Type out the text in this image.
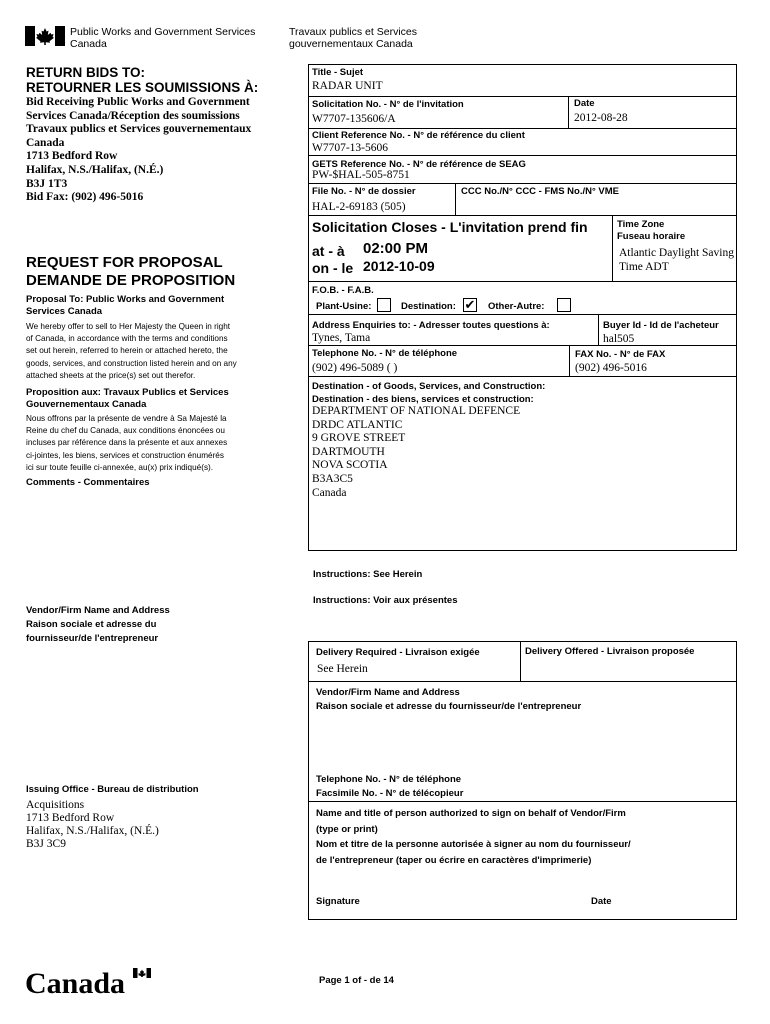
Public Works and Government Services
Canada
Travaux publics et Services
gouvernementaux Canada
RETURN BIDS TO:
RETOURNER LES SOUMISSIONS À:
Bid Receiving Public Works and Government
Services Canada/Réception des soumissions
Travaux publics et Services gouvernementaux
Canada
1713 Bedford Row
Halifax, N.S./Halifax, (N.É.)
B3J 1T3
Bid Fax: (902) 496-5016
REQUEST FOR PROPOSAL
DEMANDE DE PROPOSITION
Proposal To: Public Works and Government
Services Canada
We hereby offer to sell to Her Majesty the Queen in right
of Canada, in accordance with the terms and conditions
set out herein, referred to herein or attached hereto, the
goods, services, and construction listed herein and on any
attached sheets at the price(s) set out therefor.
Proposition aux: Travaux Publics et Services
Gouvernementaux Canada
Nous offrons par la présente de vendre à Sa Majesté la
Reine du chef du Canada, aux conditions énoncées ou
incluses par référence dans la présente et aux annexes
ci-jointes, les biens, services et construction énumérés
ici sur toute feuille ci-annexée, au(x) prix indiqué(s).
Comments - Commentaires
Vendor/Firm Name and Address
Raison sociale et adresse du
fournisseur/de l'entrepreneur
Issuing Office - Bureau de distribution
Acquisitions
1713 Bedford Row
Halifax, N.S./Halifax, (N.É.)
B3J 3C9
Title - Sujet
RADAR UNIT
Solicitation No. - N° de l'invitation
W7707-135606/A
Date
2012-08-28
Client Reference No. - N° de référence du client
W7707-13-5606
GETS Reference No. - N° de référence de SEAG
PW-$HAL-505-8751
File No. - N° de dossier
HAL-2-69183 (505)
CCC No./N° CCC - FMS No./N° VME
Solicitation Closes - L'invitation prend fin
at - à 02:00 PM
on - le 2012-10-09
Time Zone
Fuseau horaire
Atlantic Daylight Saving
Time ADT
F.O.B. - F.A.B.
Plant-Usine:	Destination: ✔ Other-Autre:
Address Enquiries to: - Adresser toutes questions à:
Tynes, Tama
Buyer Id - Id de l'acheteur
hal505
Telephone No. - N° de téléphone
(902) 496-5089 ( )
FAX No. - N° de FAX
(902) 496-5016
Destination - of Goods, Services, and Construction:
Destination - des biens, services et construction:
DEPARTMENT OF NATIONAL DEFENCE
DRDC ATLANTIC
9 GROVE STREET
DARTMOUTH
NOVA SCOTIA
B3A3C5
Canada
Instructions: See Herein
Instructions: Voir aux présentes
Delivery Required - Livraison exigée
See Herein
Delivery Offered - Livraison proposée
Vendor/Firm Name and Address
Raison sociale et adresse du fournisseur/de l'entrepreneur
Telephone No. - N° de téléphone
Facsimile No. - N° de télécopieur
Name and title of person authorized to sign on behalf of Vendor/Firm
(type or print)
Nom et titre de la personne autorisée à signer au nom du fournisseur/
de l'entrepreneur (taper ou écrire en caractères d'imprimerie)
Signature	Date
Canada	Page 1 of - de 14
